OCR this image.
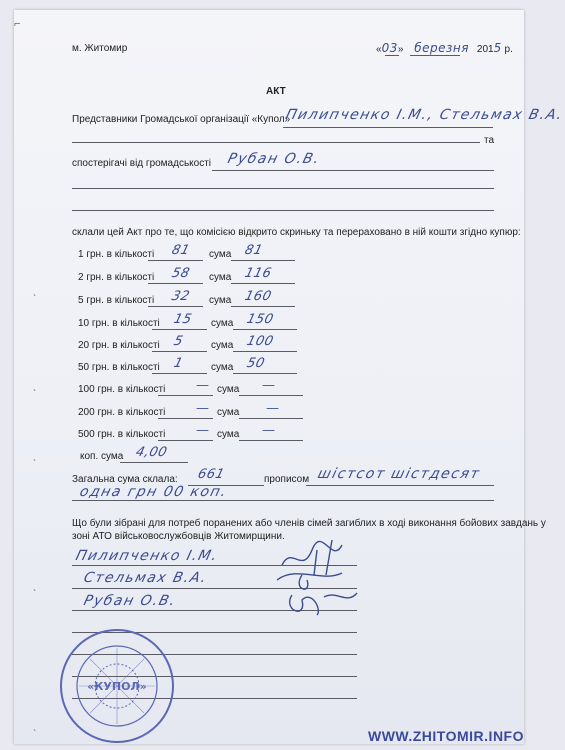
м. Житомир	«03» березня 2015 р.
АКТ
Представники Громадської організації «Купол»
Пилипченко І.М., Стельмах В.А.
та
спостерігачі від громадськості Рубан О.В.
склали цей Акт про те, що комісією відкрито скриньку та перераховано в ній кошти згідно купюр:
1 грн. в кількості 81 сума 81
2 грн. в кількості 58 сума 116
5 грн. в кількості 32 сума 160
10 грн. в кількості 15 сума 150
20 грн. в кількості 5	сума 100
50 грн. в кількості 1	сума 50
100 грн. в кількості — сума —
200 грн. в кількості — сума —
500 грн. в кількості — сума —
коп. сума 4,00
Загальна сума склала: 661	прописом шістсот шістдесят
одна грн 00 коп.
Що були зібрані для потреб поранених або членів сімей загиблих в ході виконання бойових завдань у
зоні АТО військовослужбовців Житомирщини.
Пилипченко І.М.
Стельмах В.А.
Рубан О.В.
«КУПОЛ»
WWW.ZHITOMIR.INFO
⌐
ˎ
ˎ
ˎ
ˎ
ˎ
